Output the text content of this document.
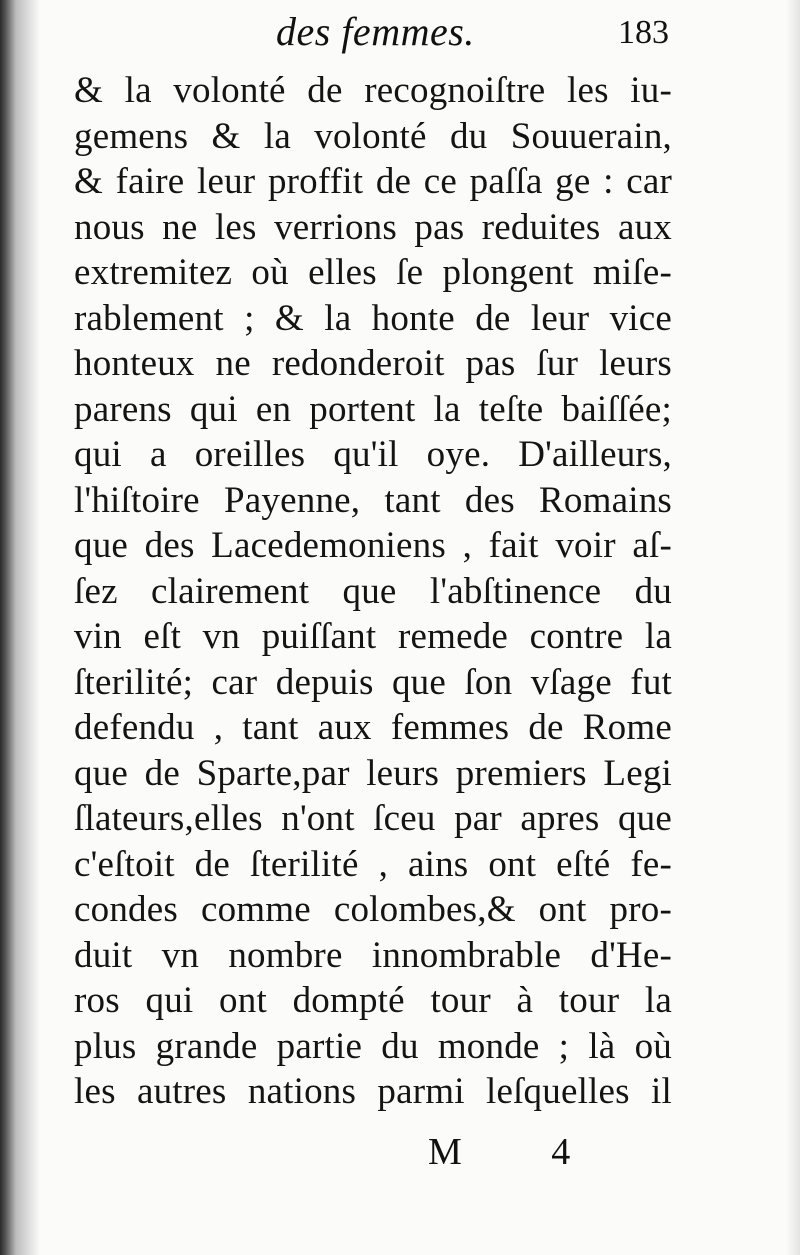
des femmes.	183
& la volonté de recognoiſtre les iu-
gemens & la volonté du Souuerain,
& faire leur proffit de ce paſſa ge : car
nous ne les verrions pas reduites aux
extremitez où elles ſe plongent miſe-
rablement ; & la honte de leur vice
honteux ne redonderoit pas ſur leurs
parens qui en portent la teſte baiſſée;
qui a oreilles qu'il oye. D'ailleurs,
l'hiſtoire Payenne, tant des Romains
que des Lacedemoniens , fait voir aſ-
ſez clairement que l'abſtinence du
vin eſt vn puiſſant remede contre la
ſterilité; car depuis que ſon vſage fut
defendu , tant aux femmes de Rome
que de Sparte,par leurs premiers Legi
ſlateurs,elles n'ont ſceu par apres que
c'eſtoit de ſterilité , ains ont eſté fe-
condes comme colombes,& ont pro-
duit vn nombre innombrable d'He-
ros qui ont dompté tour à tour la
plus grande partie du monde ; là où
les autres nations parmi leſquelles il
M 4
